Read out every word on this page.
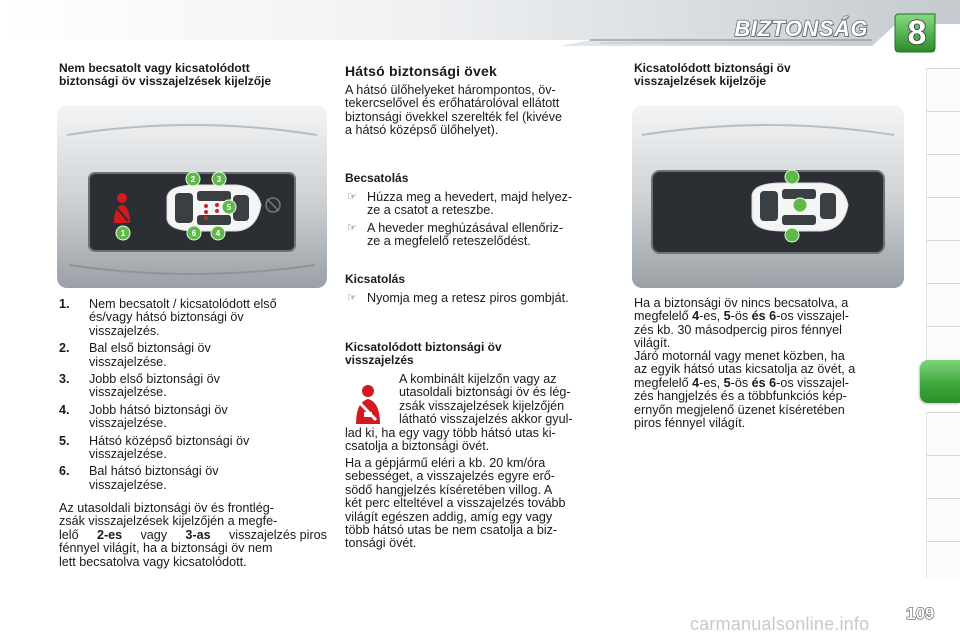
BIZTONSÁG	8
Nem becsatolt vagy kicsatolódott
biztonsági öv visszajelzések kijelzője
1
2	3
5
6 4
1. Nem becsatolt / kicsatolódott első
és/vagy hátsó biztonsági öv
visszajelzés.
2. Bal első biztonsági öv
visszajelzése.
3. Jobb első biztonsági öv
visszajelzése.
4. Jobb hátsó biztonsági öv
visszajelzése.
5. Hátsó középső biztonsági öv
visszajelzése.
6. Bal hátsó biztonsági öv
visszajelzése.
Az utasoldali biztonsági öv és frontlég-
zsák visszajelzések kijelzőjén a megfe-
lelő 2-es vagy 3-as visszajelzés piros
fénnyel világít, ha a biztonsági öv nem
lett becsatolva vagy kicsatolódott.
Hátsó biztonsági övek
A hátsó ülőhelyeket hárompontos, öv-
tekercselővel és erőhatárolóval ellátott
biztonsági övekkel szerelték fel (kivéve
a hátsó középső ülőhelyet).
Becsatolás
☞ Húzza meg a hevedert, majd helyez-
ze a csatot a reteszbe.
☞ A heveder meghúzásával ellenőriz-
ze a megfelelő reteszelődést.
Kicsatolás
☞ Nyomja meg a retesz piros gombját.
Kicsatolódott biztonsági öv
visszajelzés
A kombinált kijelzőn vagy az
utasoldali biztonsági öv és lég-
zsák visszajelzések kijelzőjén
látható visszajelzés akkor gyul-
lad ki, ha egy vagy több hátsó utas ki-
csatolja a biztonsági övét.
Ha a gépjármű eléri a kb. 20 km/óra
sebességet, a visszajelzés egyre erő-
södő hangjelzés kíséretében villog. A
két perc elteltével a visszajelzés tovább
világít egészen addig, amíg egy vagy
több hátsó utas be nem csatolja a biz-
tonsági övét.
Kicsatolódott biztonsági öv
visszajelzések kijelzője
Ha a biztonsági öv nincs becsatolva, a
megfelelő 4-es, 5-ös és 6-os visszajel-
zés kb. 30 másodpercig piros fénnyel
világít.
Járó motornál vagy menet közben, ha
az egyik hátsó utas kicsatolja az övét, a
megfelelő 4-es, 5-ös és 6-os visszajel-
zés hangjelzés és a többfunkciós kép-
ernyőn megjelenő üzenet kíséretében
piros fénnyel világít.
carmanualsonline.info
109
